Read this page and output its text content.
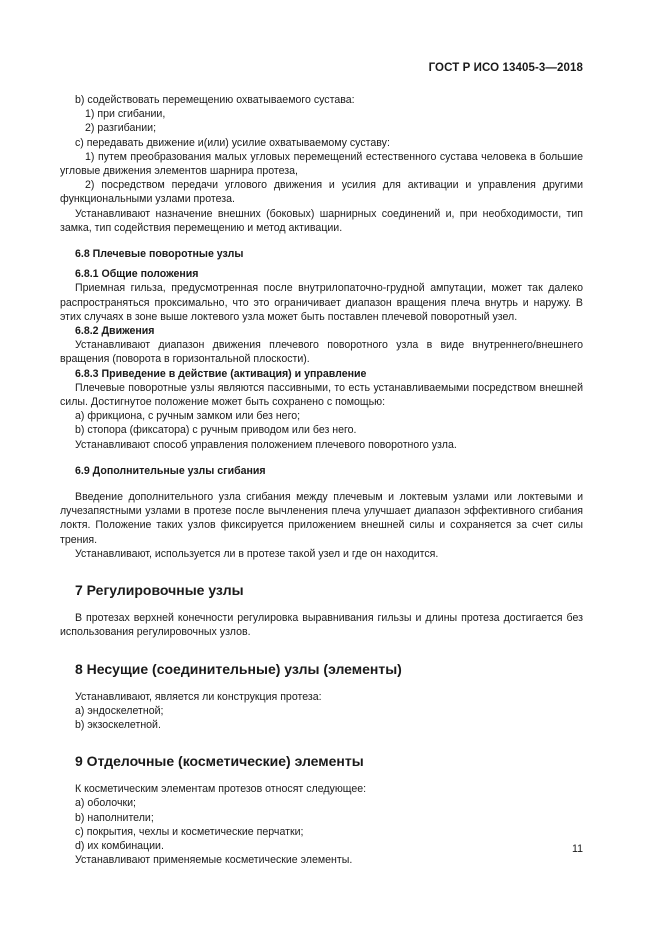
ГОСТ Р ИСО 13405-3—2018

b) содействовать перемещению охватываемого сустава:

1) при сгибании,

2) разгибании;

c) передавать движение и(или) усилие охватываемому суставу:

1) путем преобразования малых угловых перемещений естественного сустава человека в большие угловые движения элементов шарнира протеза,

2) посредством передачи углового движения и усилия для активации и управления другими функциональными узлами протеза.

Устанавливают назначение внешних (боковых) шарнирных соединений и, при необходимости, тип замка, тип содействия перемещению и метод активации.

6.8 Плечевые поворотные узлы

6.8.1 Общие положения

Приемная гильза, предусмотренная после внутрилопаточно-грудной ампутации, может так далеко распространяться проксимально, что это ограничивает диапазон вращения плеча внутрь и наружу. В этих случаях в зоне выше локтевого узла может быть поставлен плечевой поворотный узел.

6.8.2 Движения

Устанавливают диапазон движения плечевого поворотного узла в виде внутреннего/внешнего вращения (поворота в горизонтальной плоскости).

6.8.3 Приведение в действие (активация) и управление

Плечевые поворотные узлы являются пассивными, то есть устанавливаемыми посредством внешней силы. Достигнутое положение может быть сохранено с помощью:

a) фрикциона, с ручным замком или без него;

b) стопора (фиксатора) с ручным приводом или без него.

Устанавливают способ управления положением плечевого поворотного узла.

6.9 Дополнительные узлы сгибания

Введение дополнительного узла сгибания между плечевым и локтевым узлами или локтевыми и лучезапястными узлами в протезе после вычленения плеча улучшает диапазон эффективного сгибания локтя. Положение таких узлов фиксируется приложением внешней силы и сохраняется за счет силы трения.

Устанавливают, используется ли в протезе такой узел и где он находится.

7 Регулировочные узлы

В протезах верхней конечности регулировка выравнивания гильзы и длины протеза достигается без использования регулировочных узлов.

8 Несущие (соединительные) узлы (элементы)

Устанавливают, является ли конструкция протеза:

a) эндоскелетной;

b) экзоскелетной.

9 Отделочные (косметические) элементы

К косметическим элементам протезов относят следующее:

a) оболочки;

b) наполнители;

c) покрытия, чехлы и косметические перчатки;

d) их комбинации.

Устанавливают применяемые косметические элементы.

11
